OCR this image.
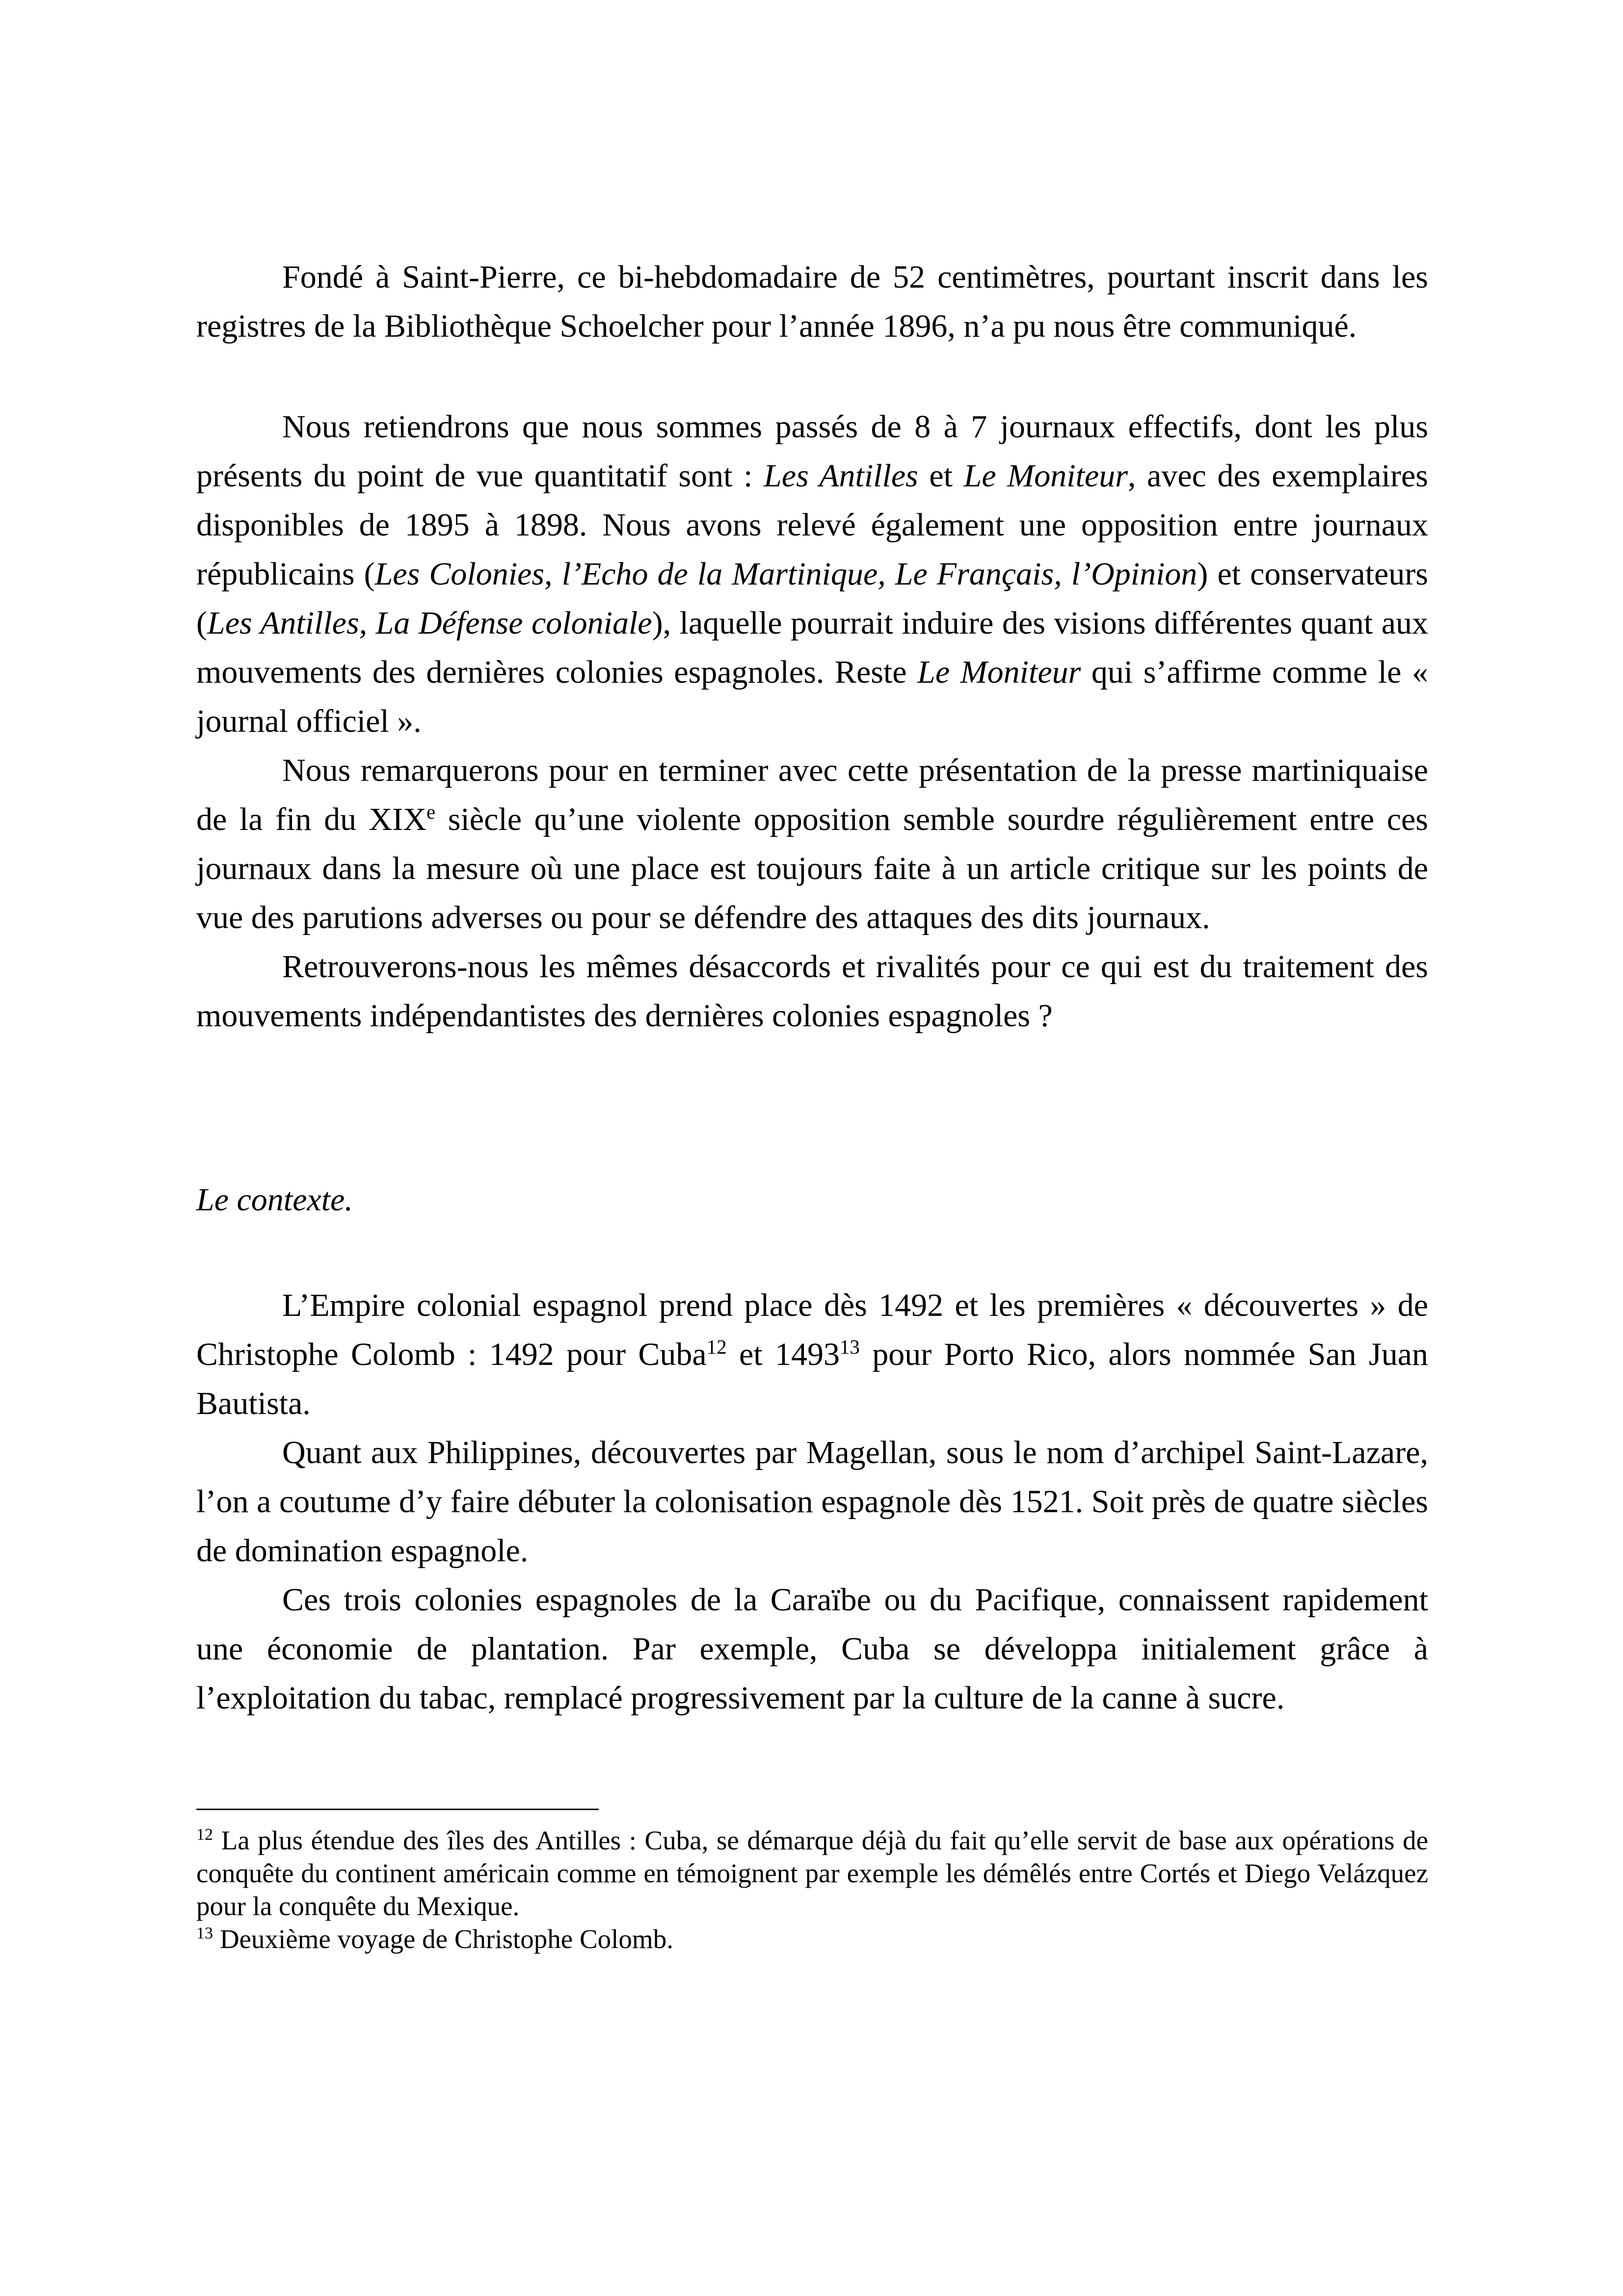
Fondé à Saint-Pierre, ce bi-hebdomadaire de 52 centimètres, pourtant inscrit dans les registres de la Bibliothèque Schoelcher pour l’année 1896, n’a pu nous être communiqué.
Nous retiendrons que nous sommes passés de 8 à 7 journaux effectifs, dont les plus présents du point de vue quantitatif sont : Les Antilles et Le Moniteur, avec des exemplaires disponibles de 1895 à 1898. Nous avons relevé également une opposition entre journaux républicains (Les Colonies, l’Echo de la Martinique, Le Français, l’Opinion) et conservateurs (Les Antilles, La Défense coloniale), laquelle pourrait induire des visions différentes quant aux mouvements des dernières colonies espagnoles. Reste Le Moniteur qui s’affirme comme le « journal officiel ».
Nous remarquerons pour en terminer avec cette présentation de la presse martiniquaise de la fin du XIXe siècle qu’une violente opposition semble sourdre régulièrement entre ces journaux dans la mesure où une place est toujours faite à un article critique sur les points de vue des parutions adverses ou pour se défendre des attaques des dits journaux.
Retrouverons-nous les mêmes désaccords et rivalités pour ce qui est du traitement des mouvements indépendantistes des dernières colonies espagnoles ?
Le contexte.
L’Empire colonial espagnol prend place dès 1492 et les premières « découvertes » de Christophe Colomb : 1492 pour Cuba$^{12}$ et 1493$^{13}$ pour Porto Rico, alors nommée San Juan Bautista.
Quant aux Philippines, découvertes par Magellan, sous le nom d’archipel Saint-Lazare, l’on a coutume d’y faire débuter la colonisation espagnole dès 1521. Soit près de quatre siècles de domination espagnole.
Ces trois colonies espagnoles de la Caraïbe ou du Pacifique, connaissent rapidement une économie de plantation. Par exemple, Cuba se développa initialement grâce à l’exploitation du tabac, remplacé progressivement par la culture de la canne à sucre.
$^{12}$ La plus étendue des îles des Antilles : Cuba, se démarque déjà du fait qu’elle servit de base aux opérations de conquête du continent américain comme en témoignent par exemple les démêlés entre Cortés et Diego Velázquez pour la conquête du Mexique.
$^{13}$ Deuxième voyage de Christophe Colomb.
